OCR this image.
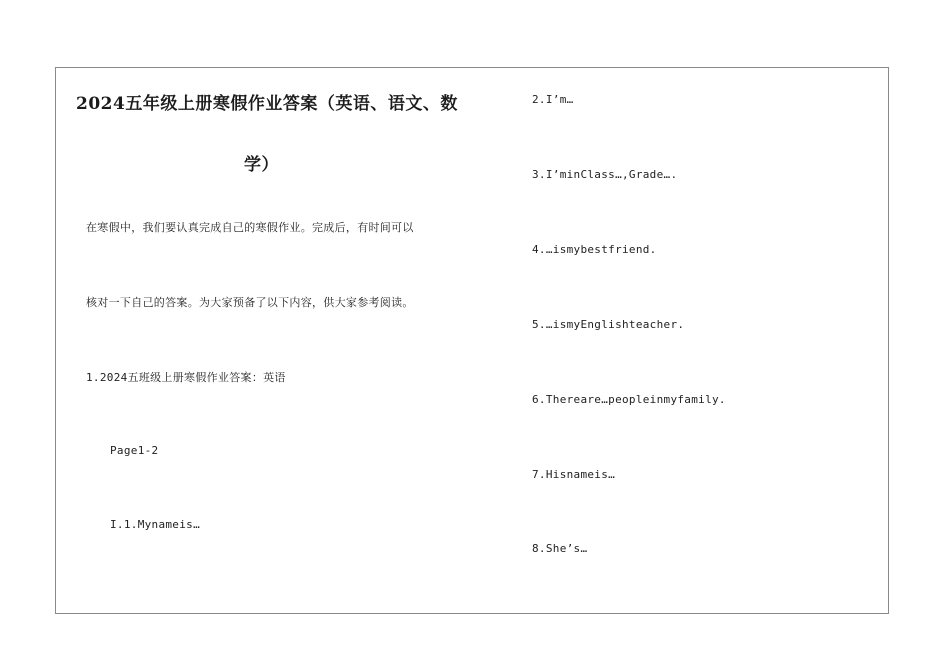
2024五年级上册寒假作业答案（英语、语文、数
学）
在寒假中，我们要认真完成自己的寒假作业。完成后，有时间可以
核对一下自己的答案。为大家预备了以下内容，供大家参考阅读。
1.2024五班级上册寒假作业答案：英语
Page1-2
I.1.Mynameis…
2.I’m…
3.I’minClass…,Grade….
4.…ismybestfriend.
5.…ismyEnglishteacher.
6.Thereare…peopleinmyfamily.
7.Hisnameis…
8.She’s…
